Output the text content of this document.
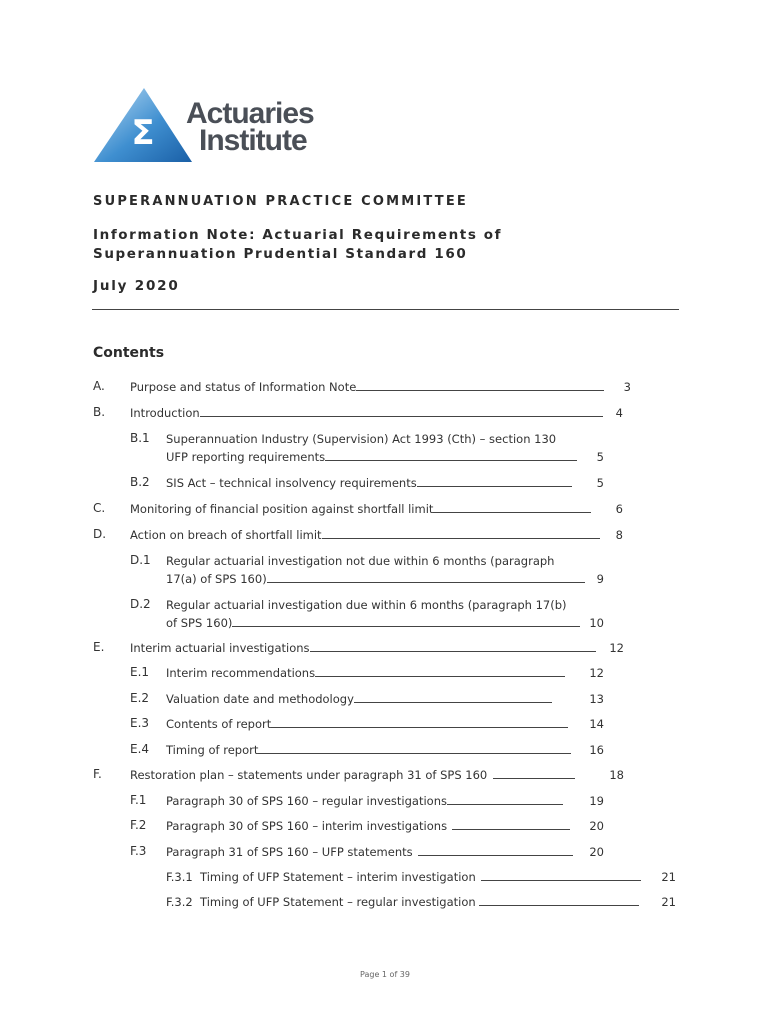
Σ Actuaries
Institute
SUPERANNUATION PRACTICE COMMITTEE
Information Note: Actuarial Requirements of
Superannuation Prudential Standard 160
July 2020
Contents
A. Purpose and status of Information Note	3
B. Introduction	4
B.1 Superannuation Industry (Supervision) Act 1993 (Cth) – section 130
UFP reporting requirements	5
B.2 SIS Act – technical insolvency requirements	5
C. Monitoring of financial position against shortfall limit	6
D. Action on breach of shortfall limit	8
D.1 Regular actuarial investigation not due within 6 months (paragraph
17(a) of SPS 160)	9
D.2 Regular actuarial investigation due within 6 months (paragraph 17(b)
of SPS 160)	10
E. Interim actuarial investigations	12
E.1 Interim recommendations	12
E.2 Valuation date and methodology	13
E.3 Contents of report	14
E.4 Timing of report	16
F. Restoration plan – statements under paragraph 31 of SPS 160	18
F.1 Paragraph 30 of SPS 160 – regular investigations	19
F.2 Paragraph 30 of SPS 160 – interim investigations	20
F.3 Paragraph 31 of SPS 160 – UFP statements	20
F.3.1 Timing of UFP Statement – interim investigation	21
F.3.2 Timing of UFP Statement – regular investigation	21
Page 1 of 39
